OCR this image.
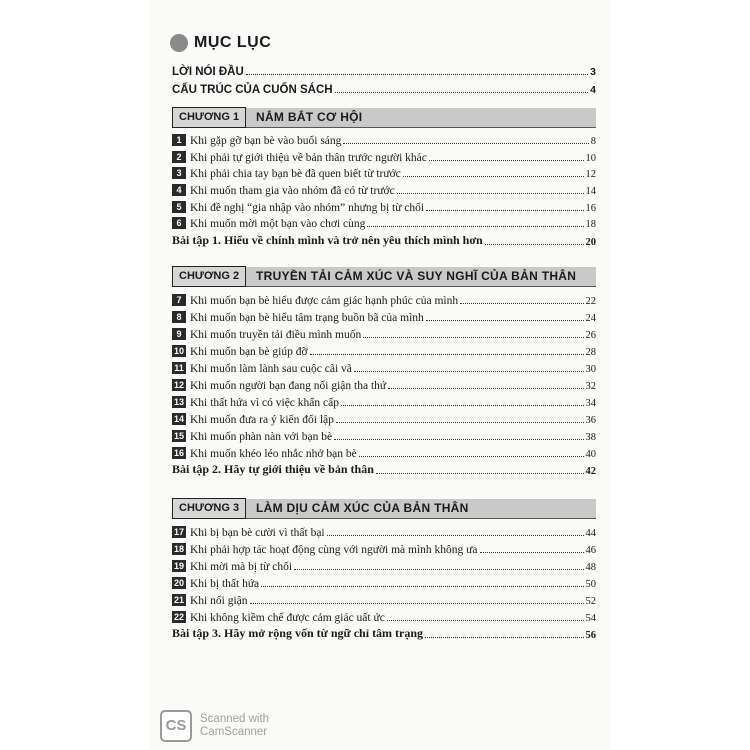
MỤC LỤC
LỜI NÓI ĐẦU	3
CẤU TRÚC CỦA CUỐN SÁCH	4
CHƯƠNG 1	NẮM BẮT CƠ HỘI
1 Khi gặp gỡ bạn bè vào buổi sáng	8
2 Khi phải tự giới thiệu về bản thân trước người khác	10
3 Khi phải chia tay bạn bè đã quen biết từ trước	12
4 Khi muốn tham gia vào nhóm đã có từ trước	14
5 Khi đề nghị “gia nhập vào nhóm” nhưng bị từ chối	16
6 Khi muốn mời một bạn vào chơi cùng	18
Bài tập 1. Hiểu về chính mình và trở nên yêu thích mình hơn	20
CHƯƠNG 2	TRUYỀN TẢI CẢM XÚC VÀ SUY NGHĨ CỦA BẢN THÂN
7 Khi muốn bạn bè hiểu được cảm giác hạnh phúc của mình	22
8 Khi muốn bạn bè hiểu tâm trạng buồn bã của mình	24
9 Khi muốn truyền tải điều mình muốn	26
10 Khi muốn bạn bè giúp đỡ	28
11 Khi muốn làm lành sau cuộc cãi vã	30
12 Khi muốn người bạn đang nổi giận tha thứ	32
13 Khi thất hứa vì có việc khẩn cấp	34
14 Khi muốn đưa ra ý kiến đối lập	36
15 Khi muốn phàn nàn với bạn bè	38
16 Khi muốn khéo léo nhắc nhở bạn bè	40
Bài tập 2. Hãy tự giới thiệu về bản thân	42
CHƯƠNG 3	LÀM DỊU CẢM XÚC CỦA BẢN THÂN
17 Khi bị bạn bè cười vì thất bại	44
18 Khi phải hợp tác hoạt động cùng với người mà mình không ưa	46
19 Khi mời mà bị từ chối	48
20 Khi bị thất hứa	50
21 Khi nổi giận	52
22 Khi không kiềm chế được cảm giác uất ức	54
Bài tập 3. Hãy mở rộng vốn từ ngữ chỉ tâm trạng	56
CS	Scanned with
CamScanner
